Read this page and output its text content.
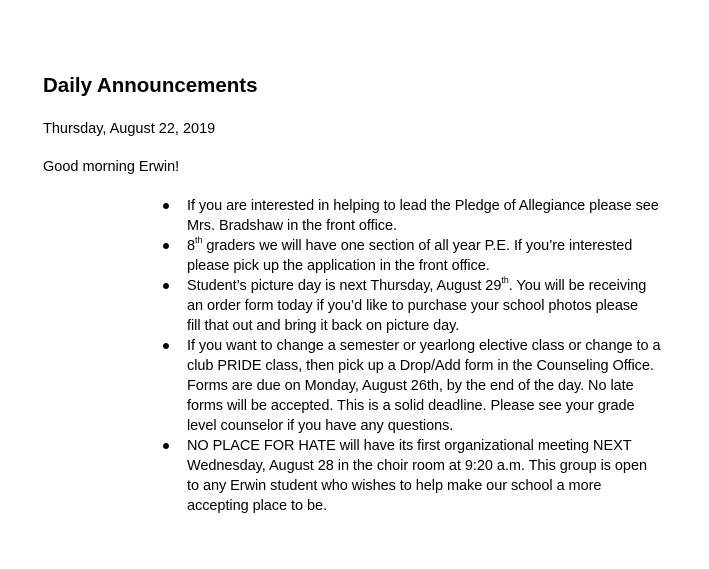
Daily Announcements
Thursday, August 22, 2019
Good morning Erwin!
If you are interested in helping to lead the Pledge of Allegiance please see
Mrs. Bradshaw in the front office.
8th graders we will have one section of all year P.E. If you’re interested
please pick up the application in the front office.
Student’s picture day is next Thursday, August 29th. You will be receiving
an order form today if you’d like to purchase your school photos please
fill that out and bring it back on picture day.
If you want to change a semester or yearlong elective class or change to a
club PRIDE class, then pick up a Drop/Add form in the Counseling Office.
Forms are due on Monday, August 26th, by the end of the day. No late
forms will be accepted. This is a solid deadline. Please see your grade
level counselor if you have any questions.
NO PLACE FOR HATE will have its first organizational meeting NEXT
Wednesday, August 28 in the choir room at 9:20 a.m. This group is open
to any Erwin student who wishes to help make our school a more
accepting place to be.
